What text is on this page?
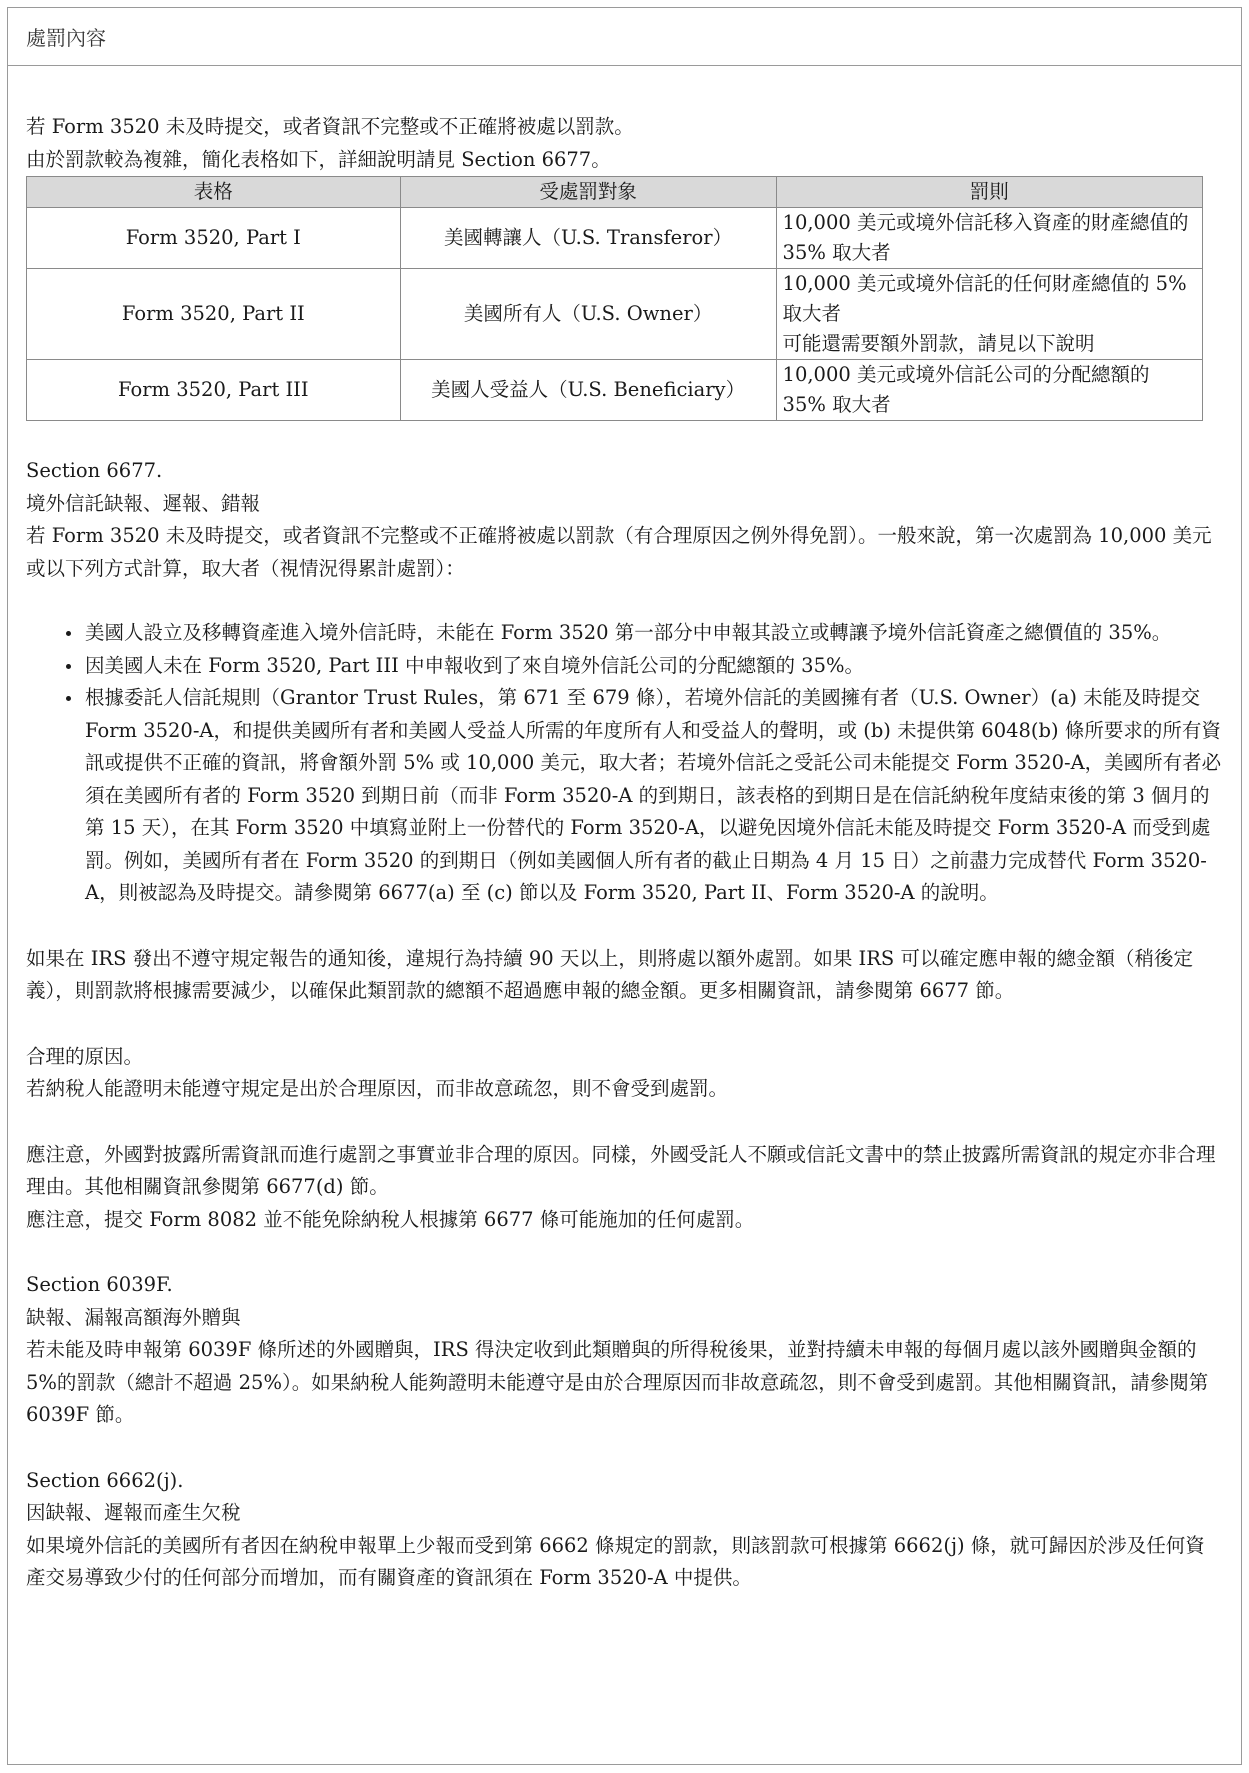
處罰內容

若 Form 3520 未及時提交，或者資訊不完整或不正確將被處以罰款。

由於罰款較為複雜，簡化表格如下，詳細說明請見 Section 6677。

表格	受處罰對象	罰則
Form 3520, Part I	美國轉讓人（U.S. Transferor）	10,000 美元或境外信託移入資產的財產總值的 35% 取大者

Form 3520, Part II	美國所有人（U.S. Owner）	10,000 美元或境外信託的任何財產總值的 5% 取大者
可能還需要額外罰款，請見以下說明

Form 3520, Part III	美國人受益人（U.S. Beneficiary）	10,000 美元或境外信託公司的分配總額的 35% 取大者

Section 6677.

境外信託缺報、遲報、錯報

若 Form 3520 未及時提交，或者資訊不完整或不正確將被處以罰款（有合理原因之例外得免罰）。一般來說，第一次處罰為 10,000 美元或以下列方式計算，取大者（視情況得累計處罰）：

• 美國人設立及移轉資產進入境外信託時，未能在 Form 3520 第一部分中申報其設立或轉讓予境外信託資產之總價值的 35%。
• 因美國人未在 Form 3520, Part III 中申報收到了來自境外信託公司的分配總額的 35%。
• 根據委託人信託規則（Grantor Trust Rules，第 671 至 679 條），若境外信託的美國擁有者（U.S. Owner）(a) 未能及時提交 Form 3520-A，和提供美國所有者和美國人受益人所需的年度所有人和受益人的聲明，或 (b) 未提供第 6048(b) 條所要求的所有資訊或提供不正確的資訊，將會額外罰 5% 或 10,000 美元，取大者；若境外信託之受託公司未能提交 Form 3520-A，美國所有者必須在美國所有者的 Form 3520 到期日前（而非 Form 3520-A 的到期日，該表格的到期日是在信託納稅年度結束後的第 3 個月的第 15 天），在其 Form 3520 中填寫並附上一份替代的 Form 3520-A，以避免因境外信託未能及時提交 Form 3520-A 而受到處罰。例如，美國所有者在 Form 3520 的到期日（例如美國個人所有者的截止日期為 4 月 15 日）之前盡力完成替代 Form 3520-A，則被認為及時提交。請參閱第 6677(a) 至 (c) 節以及 Form 3520, Part II、Form 3520-A 的說明。

如果在 IRS 發出不遵守規定報告的通知後，違規行為持續 90 天以上，則將處以額外處罰。如果 IRS 可以確定應申報的總金額（稍後定義），則罰款將根據需要減少，以確保此類罰款的總額不超過應申報的總金額。更多相關資訊，請參閱第 6677 節。

合理的原因。

若納稅人能證明未能遵守規定是出於合理原因，而非故意疏忽，則不會受到處罰。

應注意，外國對披露所需資訊而進行處罰之事實並非合理的原因。同樣，外國受託人不願或信託文書中的禁止披露所需資訊的規定亦非合理理由。其他相關資訊參閱第 6677(d) 節。

應注意，提交 Form 8082 並不能免除納稅人根據第 6677 條可能施加的任何處罰。

Section 6039F.

缺報、漏報高額海外贈與

若未能及時申報第 6039F 條所述的外國贈與，IRS 得決定收到此類贈與的所得稅後果，並對持續未申報的每個月處以該外國贈與金額的 5%的罰款（總計不超過 25%）。如果納稅人能夠證明未能遵守是由於合理原因而非故意疏忽，則不會受到處罰。其他相關資訊，請參閱第 6039F 節。

Section 6662(j).

因缺報、遲報而產生欠稅

如果境外信託的美國所有者因在納稅申報單上少報而受到第 6662 條規定的罰款，則該罰款可根據第 6662(j) 條，就可歸因於涉及任何資產交易導致少付的任何部分而增加，而有關資產的資訊須在 Form 3520-A 中提供。
